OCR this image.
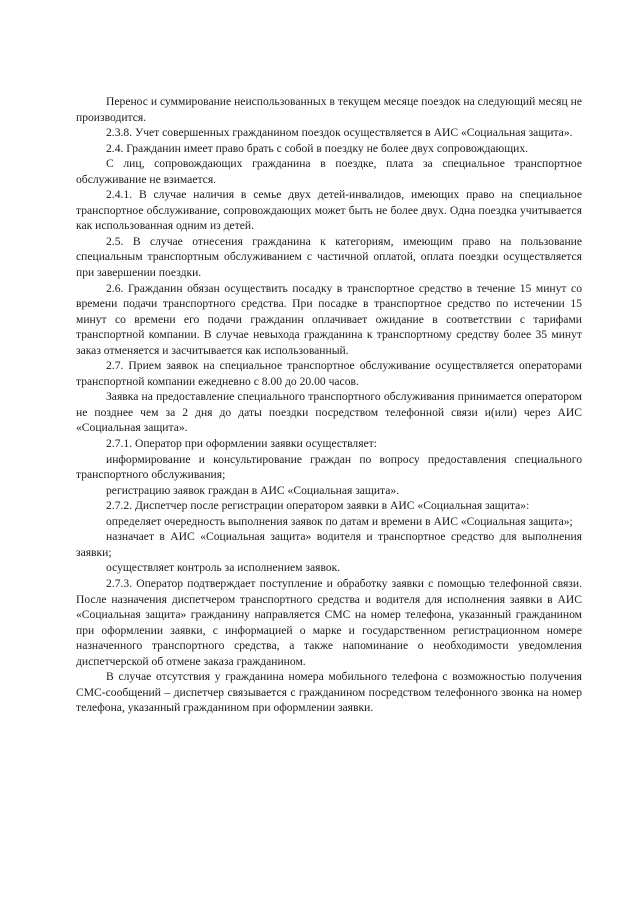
Перенос и суммирование неиспользованных в текущем месяце поездок на следующий месяц не производится.

2.3.8. Учет совершенных гражданином поездок осуществляется в АИС «Социальная защита».

2.4. Гражданин имеет право брать с собой в поездку не более двух сопровождающих.

С лиц, сопровождающих гражданина в поездке, плата за специальное транспортное обслуживание не взимается.

2.4.1. В случае наличия в семье двух детей-инвалидов, имеющих право на специальное транспортное обслуживание, сопровождающих может быть не более двух. Одна поездка учитывается как использованная одним из детей.

2.5. В случае отнесения гражданина к категориям, имеющим право на пользование специальным транспортным обслуживанием с частичной оплатой, оплата поездки осуществляется при завершении поездки.

2.6. Гражданин обязан осуществить посадку в транспортное средство в течение 15 минут со времени подачи транспортного средства. При посадке в транспортное средство по истечении 15 минут со времени его подачи гражданин оплачивает ожидание в соответствии с тарифами транспортной компании. В случае невыхода гражданина к транспортному средству более 35 минут заказ отменяется и засчитывается как использованный.

2.7. Прием заявок на специальное транспортное обслуживание осуществляется операторами транспортной компании ежедневно с 8.00 до 20.00 часов.

Заявка на предоставление специального транспортного обслуживания принимается оператором не позднее чем за 2 дня до даты поездки посредством телефонной связи и(или) через АИС «Социальная защита».

2.7.1. Оператор при оформлении заявки осуществляет:

информирование и консультирование граждан по вопросу предоставления специального транспортного обслуживания;

регистрацию заявок граждан в АИС «Социальная защита».

2.7.2. Диспетчер после регистрации оператором заявки в АИС «Социальная защита»:

определяет очередность выполнения заявок по датам и времени в АИС «Социальная защита»;

назначает в АИС «Социальная защита» водителя и транспортное средство для выполнения заявки;

осуществляет контроль за исполнением заявок.

2.7.3. Оператор подтверждает поступление и обработку заявки с помощью телефонной связи. После назначения диспетчером транспортного средства и водителя для исполнения заявки в АИС «Социальная защита» гражданину направляется СМС на номер телефона, указанный гражданином при оформлении заявки, с информацией о марке и государственном регистрационном номере назначенного транспортного средства, а также напоминание о необходимости уведомления диспетчерской об отмене заказа гражданином.

В случае отсутствия у гражданина номера мобильного телефона с возможностью получения СМС-сообщений – диспетчер связывается с гражданином посредством телефонного звонка на номер телефона, указанный гражданином при оформлении заявки.
